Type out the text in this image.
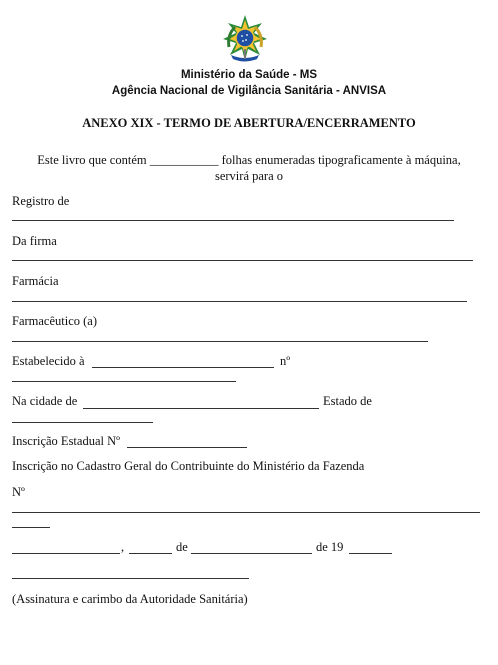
Ministério da Saúde - MS
Agência Nacional de Vigilância Sanitária - ANVISA
ANEXO XIX - TERMO DE ABERTURA/ENCERRAMENTO
Este livro que contém ___________ folhas enumeradas tipograficamente à máquina,
servirá para o
Registro de
Da firma
Farmácia
Farmacêutico (a)
Estabelecido à	nº
Na cidade de	Estado de
Inscrição Estadual Nº
Inscrição no Cadastro Geral do Contribuinte do Ministério da Fazenda
Nº
,	de	de 19
(Assinatura e carimbo da Autoridade Sanitária)
